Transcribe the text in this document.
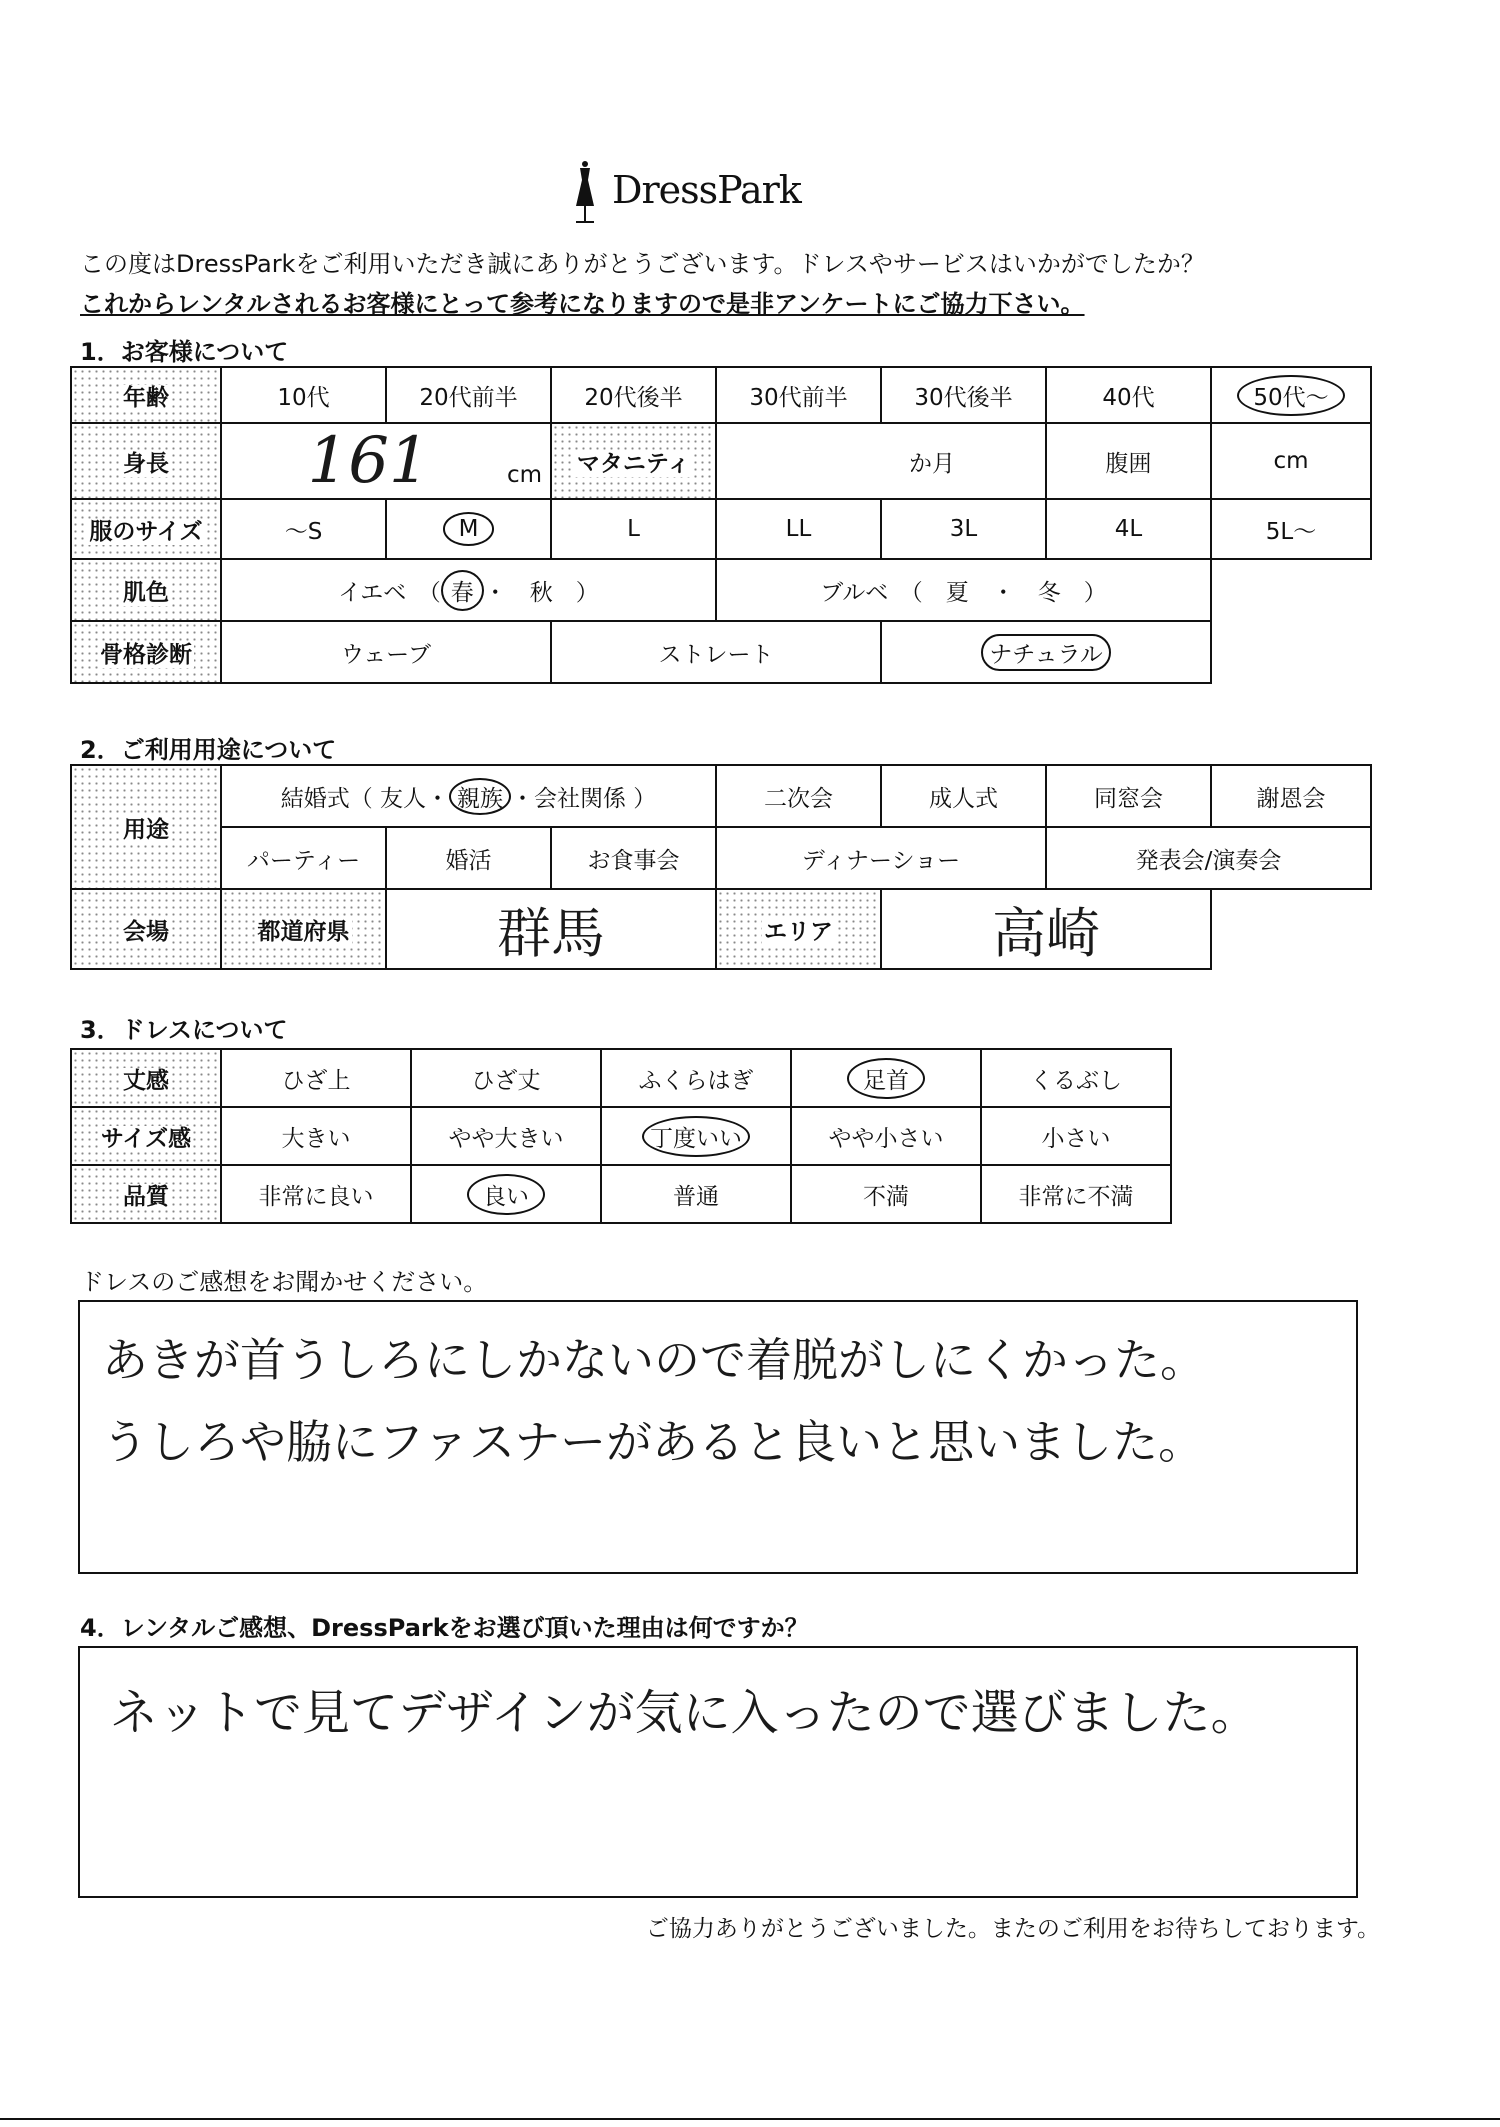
DressPark
この度はDressParkをご利用いただき誠にありがとうございます。ドレスやサービスはいかがでしたか？
これからレンタルされるお客様にとって参考になりますので是非アンケートにご協力下さい。
1．お客様について
年齢	10代	20代前半	20代後半	30代前半	30代後半	40代	50代～
身長	161 cm		マタニティ	か月		腹囲	cm
服のサイズ	～S	M	L	LL	3L	4L	5L～
肌色	イエベ　（ 春 ・　秋　）			ブルベ　（　夏　・　冬　）			
骨格診断	ウェーブ		ストレート		ナチュラル		
2．ご利用用途について
用途	結婚式（ 友人・ 親族 ・会社関係 ）			二次会	成人式	同窓会	謝恩会
	パーティー	婚活	お食事会	ディナーショー		発表会/演奏会	
会場	都道府県	群馬		エリア	高崎		
3．ドレスについて
丈感	ひざ上	ひざ丈	ふくらはぎ	足首	くるぶし
サイズ感	大きい	やや大きい	丁度いい	やや小さい	小さい
品質	非常に良い	良い	普通	不満	非常に不満
ドレスのご感想をお聞かせください。
あきが首うしろにしかないので着脱がしにくかった。
うしろや脇にファスナーがあると良いと思いました。
4．レンタルご感想、DressParkをお選び頂いた理由は何ですか？
ネットで見てデザインが気に入ったので選びました。
ご協力ありがとうございました。またのご利用をお待ちしております。
